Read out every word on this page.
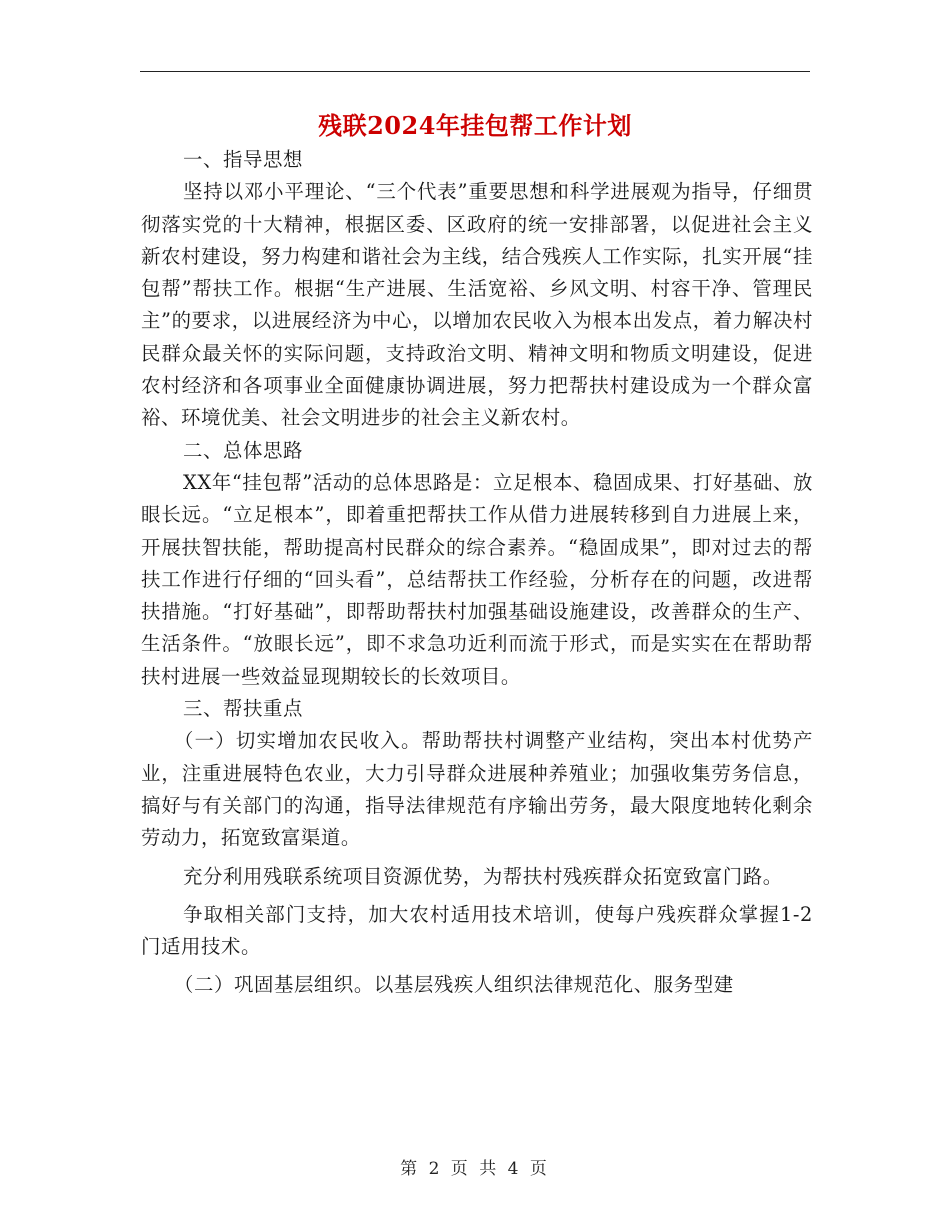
残联2024年挂包帮工作计划

一、指导思想

坚持以邓小平理论、“三个代表”重要思想和科学进展观为指导，仔细贯彻落实党的十大精神，根据区委、区政府的统一安排部署，以促进社会主义新农村建设，努力构建和谐社会为主线，结合残疾人工作实际，扎实开展“挂包帮”帮扶工作。根据“生产进展、生活宽裕、乡风文明、村容干净、管理民主”的要求，以进展经济为中心，以增加农民收入为根本出发点，着力解决村民群众最关怀的实际问题，支持政治文明、精神文明和物质文明建设，促进农村经济和各项事业全面健康协调进展，努力把帮扶村建设成为一个群众富裕、环境优美、社会文明进步的社会主义新农村。

二、总体思路

XX年“挂包帮”活动的总体思路是：立足根本、稳固成果、打好基础、放眼长远。“立足根本”，即着重把帮扶工作从借力进展转移到自力进展上来，开展扶智扶能，帮助提高村民群众的综合素养。“稳固成果”，即对过去的帮扶工作进行仔细的“回头看”，总结帮扶工作经验，分析存在的问题，改进帮扶措施。“打好基础”，即帮助帮扶村加强基础设施建设，改善群众的生产、生活条件。“放眼长远”，即不求急功近利而流于形式，而是实实在在帮助帮扶村进展一些效益显现期较长的长效项目。

三、帮扶重点

（一）切实增加农民收入。帮助帮扶村调整产业结构，突出本村优势产业，注重进展特色农业，大力引导群众进展种养殖业；加强收集劳务信息，搞好与有关部门的沟通，指导法律规范有序输出劳务，最大限度地转化剩余劳动力，拓宽致富渠道。

充分利用残联系统项目资源优势，为帮扶村残疾群众拓宽致富门路。

争取相关部门支持，加大农村适用技术培训，使每户残疾群众掌握1-2门适用技术。

（二）巩固基层组织。以基层残疾人组织法律规范化、服务型建

第 2 页 共 4 页
